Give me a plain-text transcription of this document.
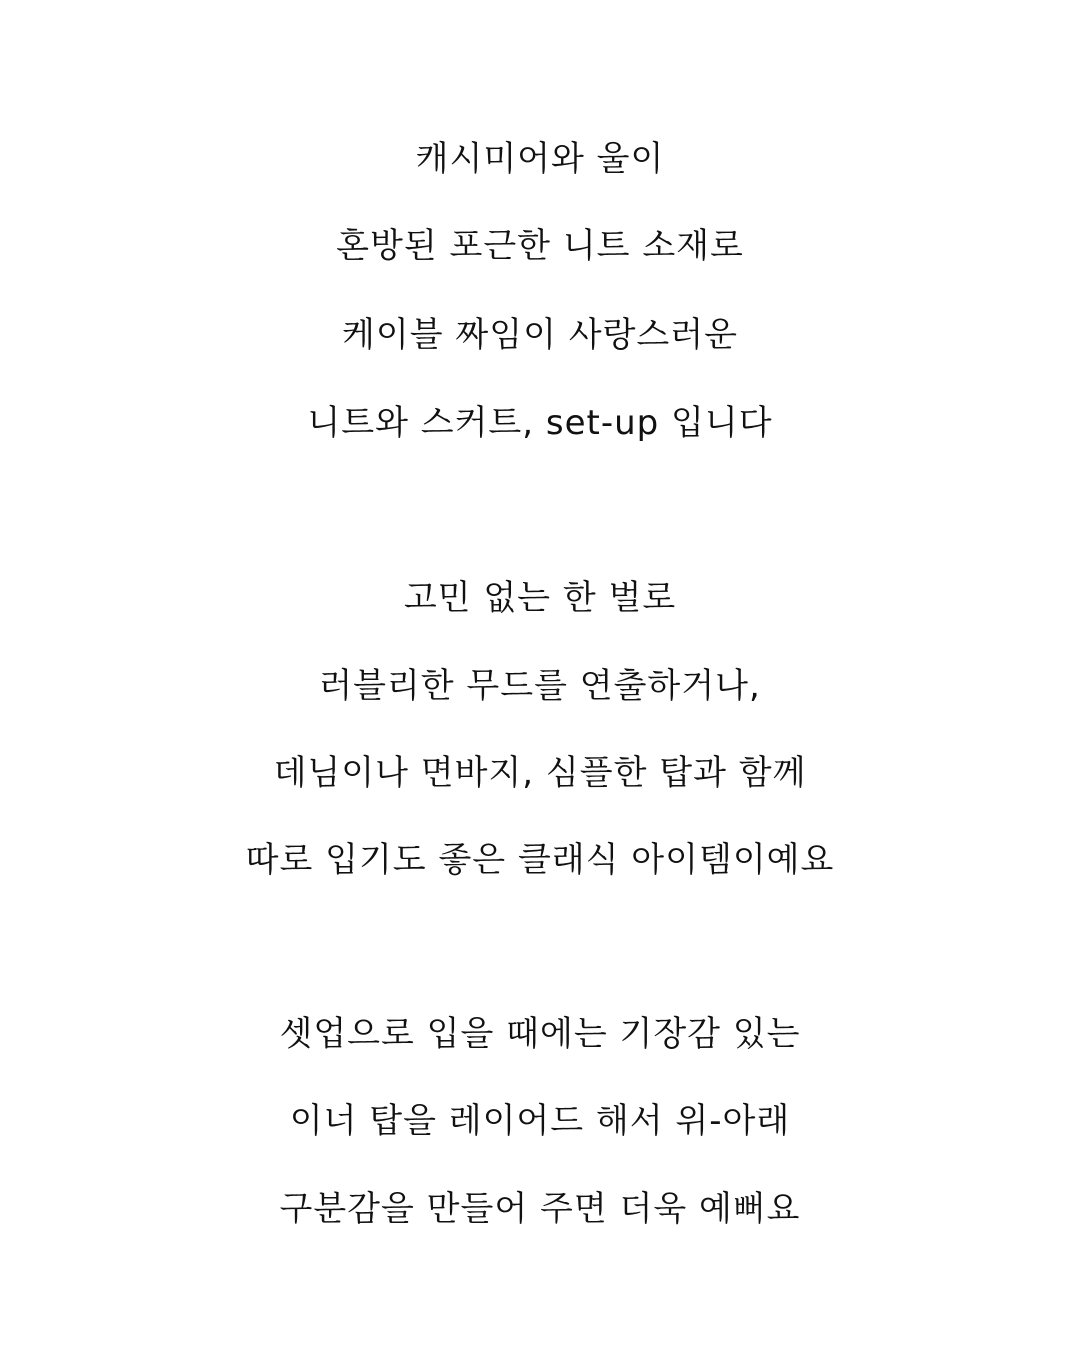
캐시미어와 울이
혼방된 포근한 니트 소재로
케이블 짜임이 사랑스러운
니트와 스커트, set-up 입니다
고민 없는 한 벌로
러블리한 무드를 연출하거나,
데님이나 면바지, 심플한 탑과 함께
따로 입기도 좋은 클래식 아이템이예요
셋업으로 입을 때에는 기장감 있는
이너 탑을 레이어드 해서 위-아래
구분감을 만들어 주면 더욱 예뻐요
